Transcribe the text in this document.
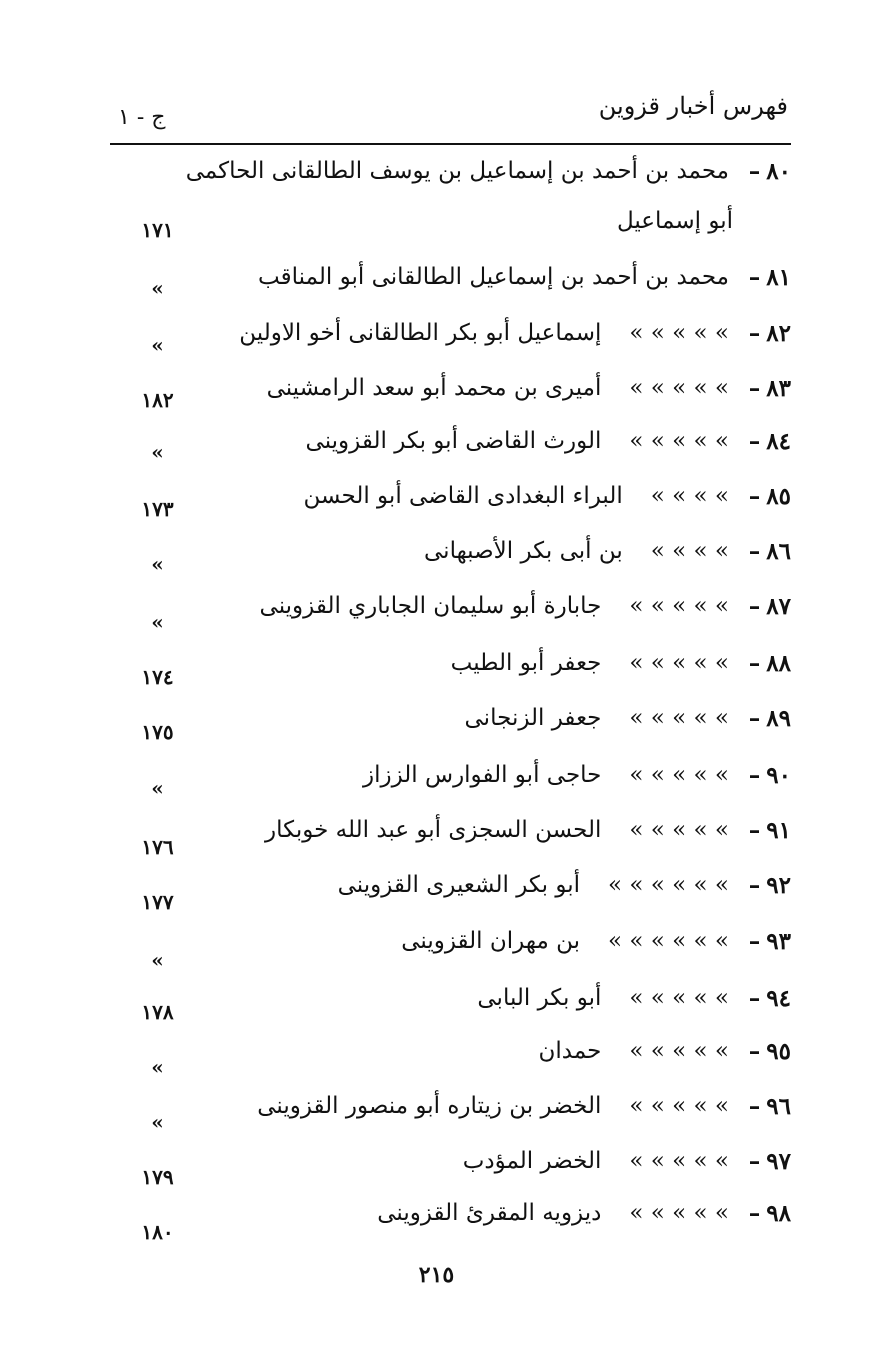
فهرس أخبار قزوين
ج - ١
٨٠–
محمد بن أحمد بن إسماعيل بن يوسف الطالقانى الحاكمى
أبو إسماعيل
١٧١
٨١–
محمد بن أحمد بن إسماعيل الطالقانى أبو المناقب
»
٨٢–
» » » » »إسماعيل أبو بكر الطالقانى أخو الاولين
»
٨٣–
» » » » »أميرى بن محمد أبو سعد الرامشينى
١٨٢
٨٤–
» » » » »الورث القاضى أبو بكر القزوينى
»
٨٥–
» » » »البراء البغدادى القاضى أبو الحسن
١٧٣
٨٦–
» » » »بن أبى بكر الأصبهانى
»
٨٧–
» » » » »جابارة أبو سليمان الجاباري القزوينى
»
٨٨–
» » » » »جعفر أبو الطيب
١٧٤
٨٩–
» » » » »جعفر الزنجانى
١٧٥
٩٠–
» » » » »حاجى أبو الفوارس الززاز
»
٩١–
» » » » »الحسن السجزى أبو عبد الله خوبكار
١٧٦
٩٢–
» » » » » »أبو بكر الشعيرى القزوينى
١٧٧
٩٣–
» » » » » »بن مهران القزوينى
»
٩٤–
» » » » »أبو بكر البابى
١٧٨
٩٥–
» » » » »حمدان
»
٩٦–
» » » » »الخضر بن زيتاره أبو منصور القزوينى
»
٩٧–
» » » » »الخضر المؤدب
١٧٩
٩٨–
» » » » »ديزويه المقرئ القزوينى
١٨٠
٢١٥
